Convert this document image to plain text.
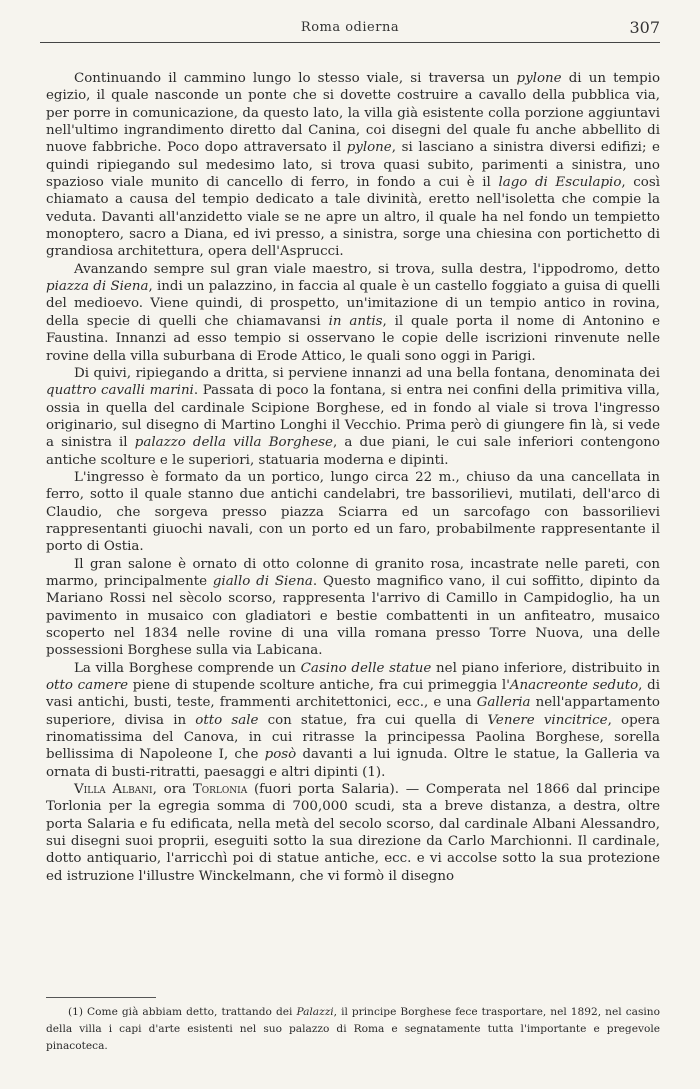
Roma odierna	307

Continuando il cammino lungo lo stesso viale, si traversa un pylone di un tempio egizio, il quale nasconde un ponte che si dovette costruire a cavallo della pubblica via, per porre in comunicazione, da questo lato, la villa già esistente colla porzione aggiuntavi nell'ultimo ingrandimento diretto dal Canina, coi disegni del quale fu anche abbellito di nuove fabbriche. Poco dopo attraversato il pylone, si lasciano a sinistra diversi edifizi; e quindi ripiegando sul medesimo lato, si trova quasi subito, parimenti a sinistra, uno spazioso viale munito di cancello di ferro, in fondo a cui è il lago di Esculapio, così chiamato a causa del tempio dedicato a tale divinità, eretto nell'isoletta che compie la veduta. Davanti all'anzidetto viale se ne apre un altro, il quale ha nel fondo un tempietto monoptero, sacro a Diana, ed ivi presso, a sinistra, sorge una chiesina con portichetto di grandiosa architettura, opera dell'Asprucci.

Avanzando sempre sul gran viale maestro, si trova, sulla destra, l'ippodromo, detto piazza di Siena, indi un palazzino, in faccia al quale è un castello foggiato a guisa di quelli del medioevo. Viene quindi, di prospetto, un'imitazione di un tempio antico in rovina, della specie di quelli che chiamavansi in antis, il quale porta il nome di Antonino e Faustina. Innanzi ad esso tempio si osservano le copie delle iscrizioni rinvenute nelle rovine della villa suburbana di Erode Attico, le quali sono oggi in Parigi.

Di quivi, ripiegando a dritta, si perviene innanzi ad una bella fontana, denominata dei quattro cavalli marini. Passata di poco la fontana, si entra nei confini della primitiva villa, ossia in quella del cardinale Scipione Borghese, ed in fondo al viale si trova l'ingresso originario, sul disegno di Martino Longhi il Vecchio. Prima però di giungere fin là, si vede a sinistra il palazzo della villa Borghese, a due piani, le cui sale inferiori contengono antiche scolture e le superiori, statuaria moderna e dipinti.

L'ingresso è formato da un portico, lungo circa 22 m., chiuso da una cancellata in ferro, sotto il quale stanno due antichi candelabri, tre bassorilievi, mutilati, dell'arco di Claudio, che sorgeva presso piazza Sciarra ed un sarcofago con bassorilievi rappresentanti giuochi navali, con un porto ed un faro, probabilmente rappresentante il porto di Ostia.

Il gran salone è ornato di otto colonne di granito rosa, incastrate nelle pareti, con marmo, principalmente giallo di Siena. Questo magnifico vano, il cui soffitto, dipinto da Mariano Rossi nel sècolo scorso, rappresenta l'arrivo di Camillo in Campidoglio, ha un pavimento in musaico con gladiatori e bestie combattenti in un anfiteatro, musaico scoperto nel 1834 nelle rovine di una villa romana presso Torre Nuova, una delle possessioni Borghese sulla via Labicana.

La villa Borghese comprende un Casino delle statue nel piano inferiore, distribuito in otto camere piene di stupende scolture antiche, fra cui primeggia l'Anacreonte seduto, di vasi antichi, busti, teste, frammenti architettonici, ecc., e una Galleria nell'appartamento superiore, divisa in otto sale con statue, fra cui quella di Venere vincitrice, opera rinomatissima del Canova, in cui ritrasse la principessa Paolina Borghese, sorella bellissima di Napoleone I, che posò davanti a lui ignuda. Oltre le statue, la Galleria va ornata di busti-ritratti, paesaggi e altri dipinti (1).

Villa Albani, ora Torlonia (fuori porta Salaria). — Comperata nel 1866 dal principe Torlonia per la egregia somma di 700,000 scudi, sta a breve distanza, a destra, oltre porta Salaria e fu edificata, nella metà del secolo scorso, dal cardinale Albani Alessandro, sui disegni suoi proprii, eseguiti sotto la sua direzione da Carlo Marchionni. Il cardinale, dotto antiquario, l'arricchì poi di statue antiche, ecc. e vi accolse sotto la sua protezione ed istruzione l'illustre Winckelmann, che vi formò il disegno

(1) Come già abbiam detto, trattando dei Palazzi, il principe Borghese fece trasportare, nel 1892, nel casino della villa i capi d'arte esistenti nel suo palazzo di Roma e segnatamente tutta l'importante e pregevole pinacoteca.
